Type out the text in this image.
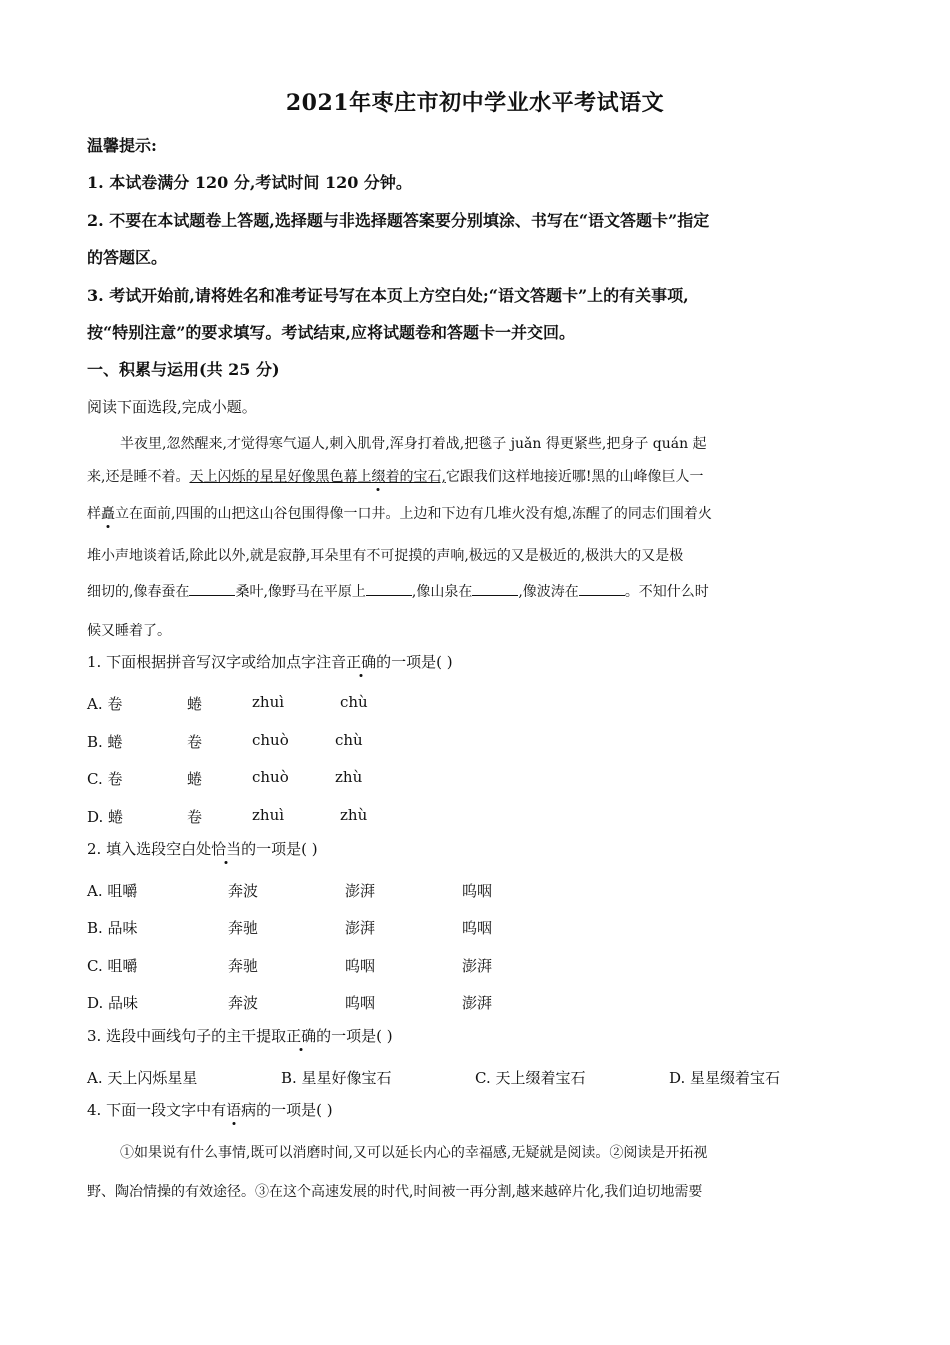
2021年枣庄市初中学业水平考试语文
温馨提示:
1. 本试卷满分 120 分,考试时间 120 分钟。
2. 不要在本试题卷上答题,选择题与非选择题答案要分别填涂、书写在“语文答题卡”指定
的答题区。
3. 考试开始前,请将姓名和准考证号写在本页上方空白处;“语文答题卡”上的有关事项,
按“特别注意”的要求填写。考试结束,应将试题卷和答题卡一并交回。
一、积累与运用(共 25 分)
阅读下面选段,完成小题。
半夜里,忽然醒来,才觉得寒气逼人,刺入肌骨,浑身打着战,把毯子 juǎn 得更紧些,把身子 quán 起
来,还是睡不着。天上闪烁的星星好像黑色幕上缀着的宝石,它跟我们这样地接近哪!黑的山峰像巨人一
样矗立在面前,四围的山把这山谷包围得像一口井。上边和下边有几堆火没有熄,冻醒了的同志们围着火
堆小声地谈着话,除此以外,就是寂静,耳朵里有不可捉摸的声响,极远的又是极近的,极洪大的又是极
细切的,像春蚕在	桑叶,像野马在平原上	,像山泉在	,像波涛在	。不知什么时
候又睡着了。
1. 下面根据拼音写汉字或给加点字注音正确的一项是( )
A. 卷	蜷	zhuì	chù
B. 蜷	卷	chuò	chù
C. 卷	蜷	chuò	zhù
D. 蜷	卷	zhuì	zhù
2. 填入选段空白处恰当的一项是( )
A. 咀嚼	奔波	澎湃	呜咽
B. 品味	奔驰	澎湃	呜咽
C. 咀嚼	奔驰	呜咽	澎湃
D. 品味	奔波	呜咽	澎湃
3. 选段中画线句子的主干提取正确的一项是( )
A. 天上闪烁星星	B. 星星好像宝石	C. 天上缀着宝石	D. 星星缀着宝石
4. 下面一段文字中有语病的一项是( )
①如果说有什么事情,既可以消磨时间,又可以延长内心的幸福感,无疑就是阅读。②阅读是开拓视
野、陶冶情操的有效途径。③在这个高速发展的时代,时间被一再分割,越来越碎片化,我们迫切地需要
